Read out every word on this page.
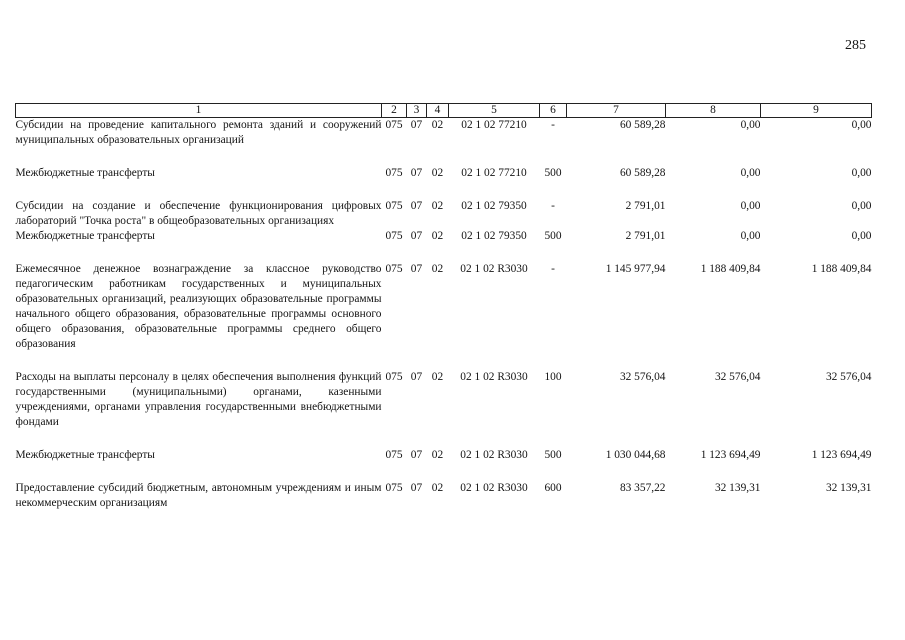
285
1	2	3	4	5	6	7	8	9
Субсидии на проведение капитального ремонта зданий и сооружений муниципальных образовательных организаций	075	07	02	02 1 02 77210	-	60 589,28	0,00	0,00

Межбюджетные трансферты	075	07	02	02 1 02 77210	500	60 589,28	0,00	0,00

Субсидии на создание и обеспечение функционирования цифровых лабораторий "Точка роста" в общеобразовательных организациях	075	07	02	02 1 02 79350	-	2 791,01	0,00	0,00
Межбюджетные трансферты	075	07	02	02 1 02 79350	500	2 791,01	0,00	0,00

Ежемесячное денежное вознаграждение за классное руководство педагогическим работникам государственных и муниципальных образовательных организаций, реализующих образовательные программы начального общего образования, образовательные программы основного общего образования, образовательные программы среднего общего образования	075	07	02	02 1 02 R3030	-	1 145 977,94	1 188 409,84	1 188 409,84

Расходы на выплаты персоналу в целях обеспечения выполнения функций государственными (муниципальными) органами, казенными учреждениями, органами управления государственными внебюджетными фондами	075	07	02	02 1 02 R3030	100	32 576,04	32 576,04	32 576,04

Межбюджетные трансферты	075	07	02	02 1 02 R3030	500	1 030 044,68	1 123 694,49	1 123 694,49

Предоставление субсидий бюджетным, автономным учреждениям и иным некоммерческим организациям	075	07	02	02 1 02 R3030	600	83 357,22	32 139,31	32 139,31
